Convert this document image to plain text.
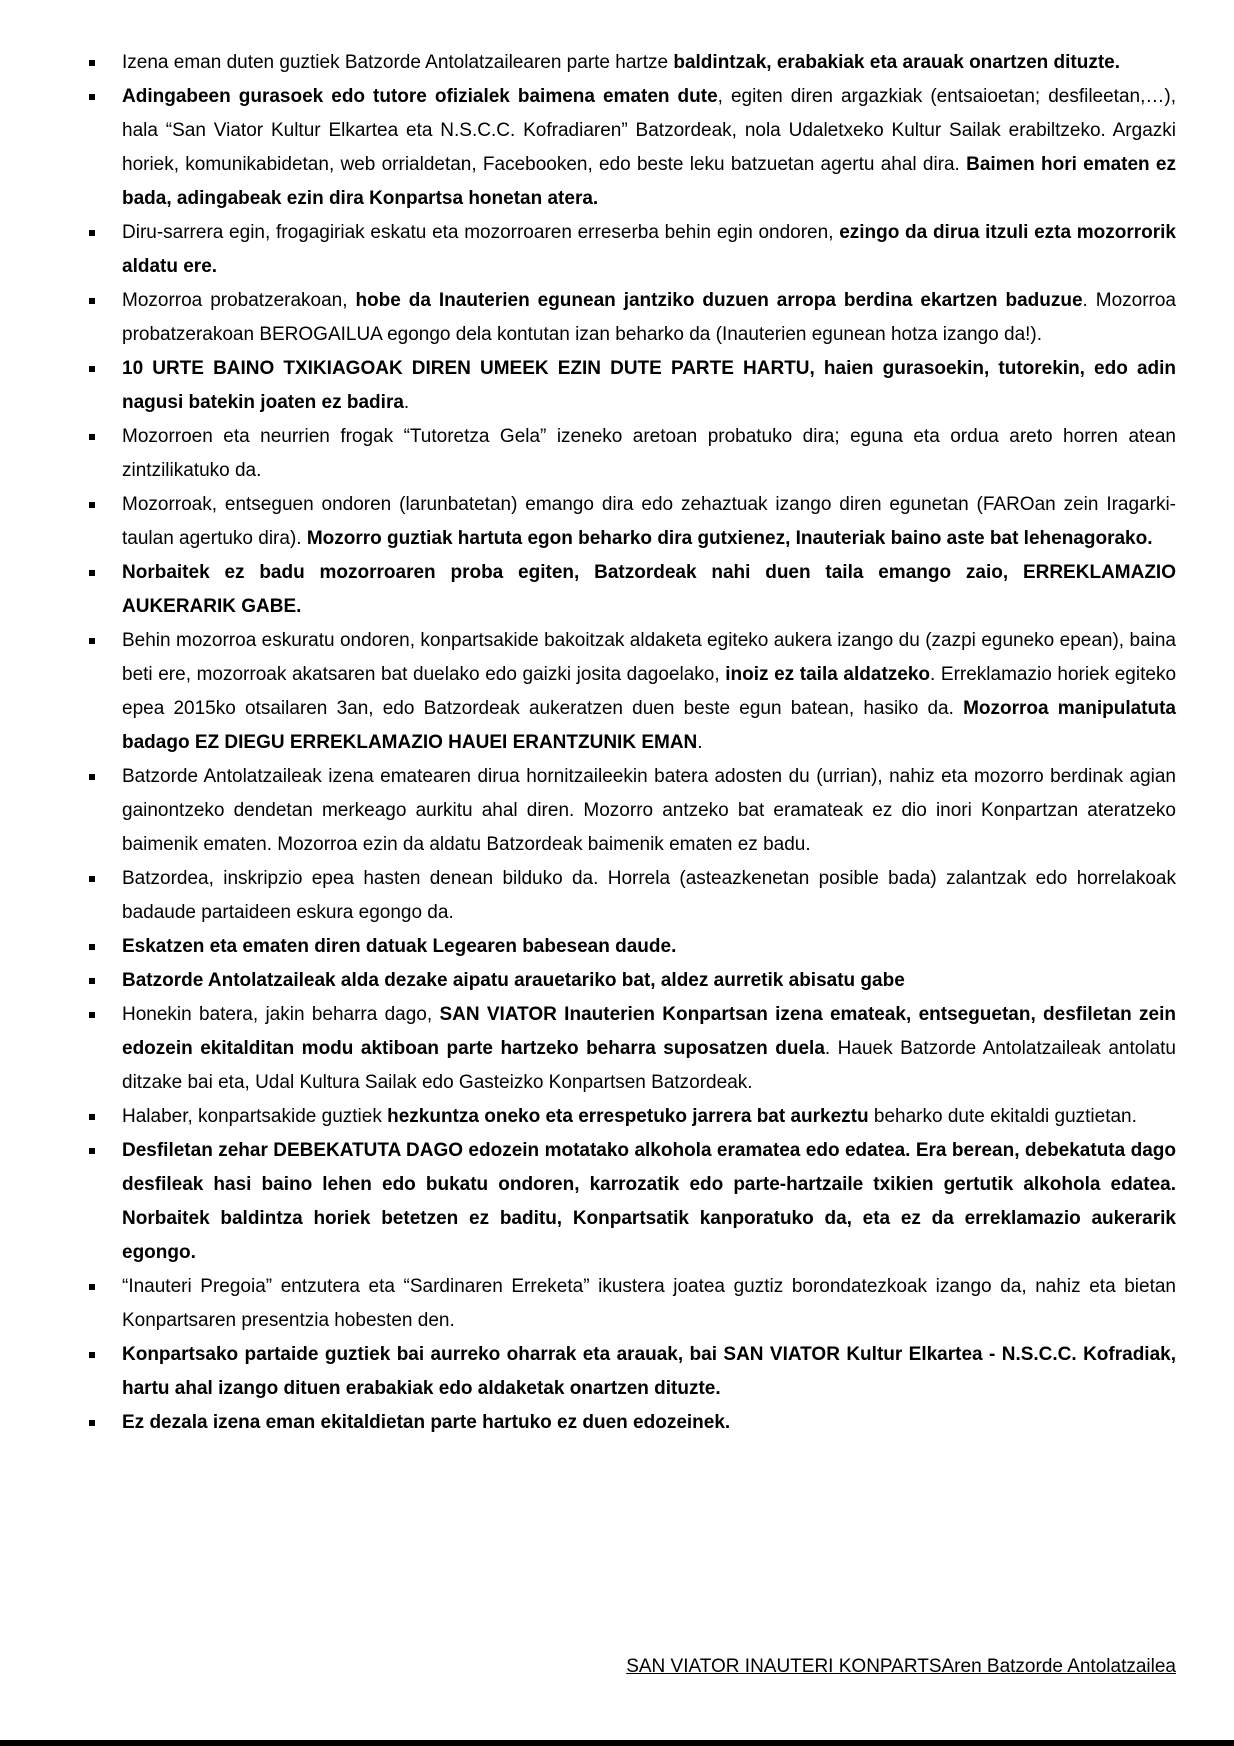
Izena eman duten guztiek Batzorde Antolatzailearen parte hartze baldintzak, erabakiak eta arauak onartzen dituzte.
Adingabeen gurasoek edo tutore ofizialek baimena ematen dute, egiten diren argazkiak (entsaioetan; desfileetan,…), hala “San Viator Kultur Elkartea eta N.S.C.C. Kofradiaren” Batzordeak, nola Udaletxeko Kultur Sailak erabiltzeko. Argazki horiek, komunikabidetan, web orrialdetan, Facebooken, edo beste leku batzuetan agertu ahal dira. Baimen hori ematen ez bada, adingabeak ezin dira Konpartsa honetan atera.
Diru-sarrera egin, frogagiriak eskatu eta mozorroaren erreserba behin egin ondoren, ezingo da dirua itzuli ezta mozorrorik aldatu ere.
Mozorroa probatzerakoan, hobe da Inauterien egunean jantziko duzuen arropa berdina ekartzen baduzue. Mozorroa probatzerakoan BEROGAILUA egongo dela kontutan izan beharko da (Inauterien egunean hotza izango da!).
10 URTE BAINO TXIKIAGOAK DIREN UMEEK EZIN DUTE PARTE HARTU, haien gurasoekin, tutorekin, edo adin nagusi batekin joaten ez badira.
Mozorroen eta neurrien frogak “Tutoretza Gela” izeneko aretoan probatuko dira; eguna eta ordua areto horren atean zintzilikatuko da.
Mozorroak, entseguen ondoren (larunbatetan) emango dira edo zehaztuak izango diren egunetan (FAROan zein Iragarki-taulan agertuko dira). Mozorro guztiak hartuta egon beharko dira gutxienez, Inauteriak baino aste bat lehenagorako.
Norbaitek ez badu mozorroaren proba egiten, Batzordeak nahi duen taila emango zaio, ERREKLAMAZIO AUKERARIK GABE.
Behin mozorroa eskuratu ondoren, konpartsakide bakoitzak aldaketa egiteko aukera izango du (zazpi eguneko epean), baina beti ere, mozorroak akatsaren bat duelako edo gaizki josita dagoelako, inoiz ez taila aldatzeko. Erreklamazio horiek egiteko epea 2015ko otsailaren 3an, edo Batzordeak aukeratzen duen beste egun batean, hasiko da. Mozorroa manipulatuta badago EZ DIEGU ERREKLAMAZIO HAUEI ERANTZUNIK EMAN.
Batzorde Antolatzaileak izena ematearen dirua hornitzaileekin batera adosten du (urrian), nahiz eta mozorro berdinak agian gainontzeko dendetan merkeago aurkitu ahal diren. Mozorro antzeko bat eramateak ez dio inori Konpartzan ateratzeko baimenik ematen. Mozorroa ezin da aldatu Batzordeak baimenik ematen ez badu.
Batzordea, inskripzio epea hasten denean bilduko da. Horrela (asteazkenetan posible bada) zalantzak edo horrelakoak badaude partaideen eskura egongo da.
Eskatzen eta ematen diren datuak Legearen babesean daude.
Batzorde Antolatzaileak alda dezake aipatu arauetariko bat, aldez aurretik abisatu gabe
Honekin batera, jakin beharra dago, SAN VIATOR Inauterien Konpartsan izena emateak, entseguetan, desfiletan zein edozein ekitalditan modu aktiboan parte hartzeko beharra suposatzen duela. Hauek Batzorde Antolatzaileak antolatu ditzake bai eta, Udal Kultura Sailak edo Gasteizko Konpartsen Batzordeak.
Halaber, konpartsakide guztiek hezkuntza oneko eta errespetuko jarrera bat aurkeztu beharko dute ekitaldi guztietan.
Desfiletan zehar DEBEKATUTA DAGO edozein motatako alkohola eramatea edo edatea. Era berean, debekatuta dago desfileak hasi baino lehen edo bukatu ondoren, karrozatik edo parte-hartzaile txikien gertutik alkohola edatea. Norbaitek baldintza horiek betetzen ez baditu, Konpartsatik kanporatuko da, eta ez da erreklamazio aukerarik egongo.
“Inauteri Pregoia” entzutera eta “Sardinaren Erreketa” ikustera joatea guztiz borondatezkoak izango da, nahiz eta bietan Konpartsaren presentzia hobesten den.
Konpartsako partaide guztiek bai aurreko oharrak eta arauak, bai SAN VIATOR Kultur Elkartea - N.S.C.C. Kofradiak, hartu ahal izango dituen erabakiak edo aldaketak onartzen dituzte.
Ez dezala izena eman ekitaldietan parte hartuko ez duen edozeinek.
SAN VIATOR INAUTERI KONPARTSAren Batzorde Antolatzailea
